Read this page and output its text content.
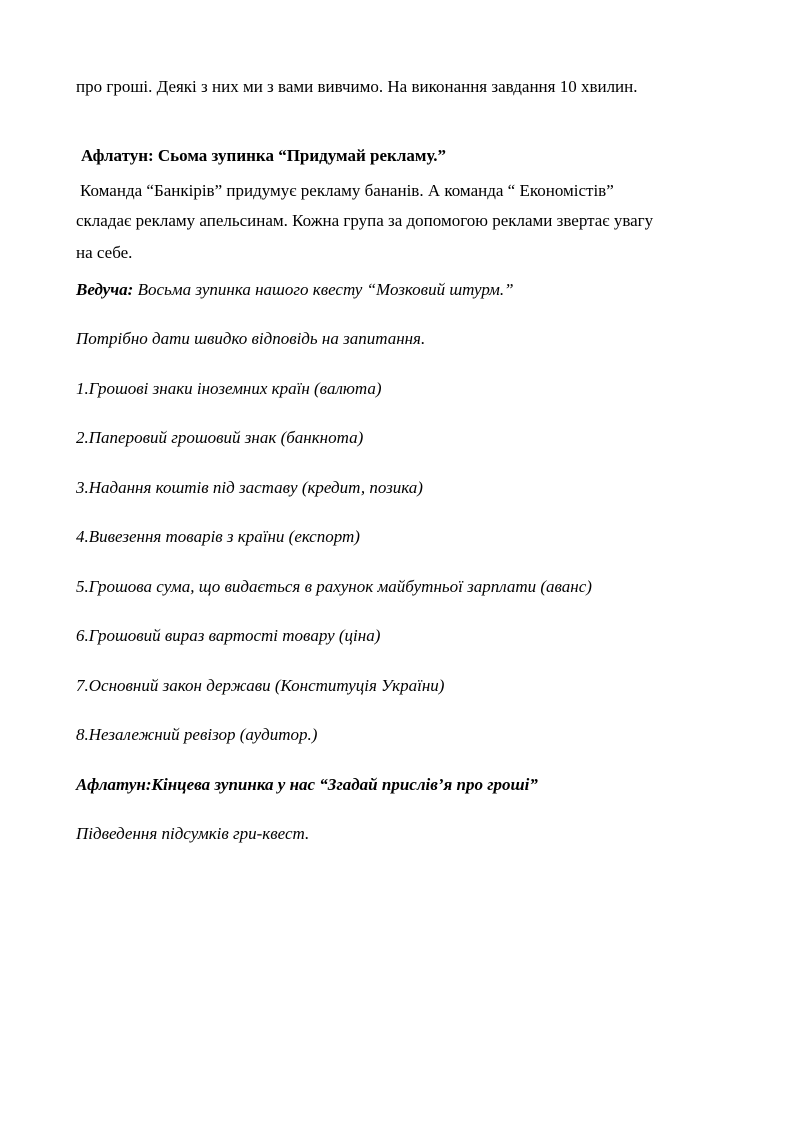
про гроші. Деякі з них ми з вами вивчимо. На виконання завдання 10 хвилин.
Афлатун: Сьома зупинка “Придумай рекламу.”
Команда “Банкірів” придумує рекламу бананів. А команда “ Економістів”
складає рекламу апельсинам. Кожна група за допомогою реклами звертає увагу
на себе.
Ведуча: Восьма зупинка нашого квесту “Мозковий штурм.”
Потрібно дати швидко відповідь на запитання.
1.Грошові знаки іноземних країн (валюта)
2.Паперовий грошовий знак (банкнота)
3.Надання коштів під заставу (кредит, позика)
4.Вивезення товарів з країни (експорт)
5.Грошова сума, що видається в рахунок майбутньої зарплати (аванс)
6.Грошовий вираз вартості товару (ціна)
7.Основний закон держави (Конституція України)
8.Незалежний ревізор (аудитор.)
Афлатун:Кінцева зупинка у нас “Згадай прислів’я про гроші”
Підведення підсумків гри-квест.
